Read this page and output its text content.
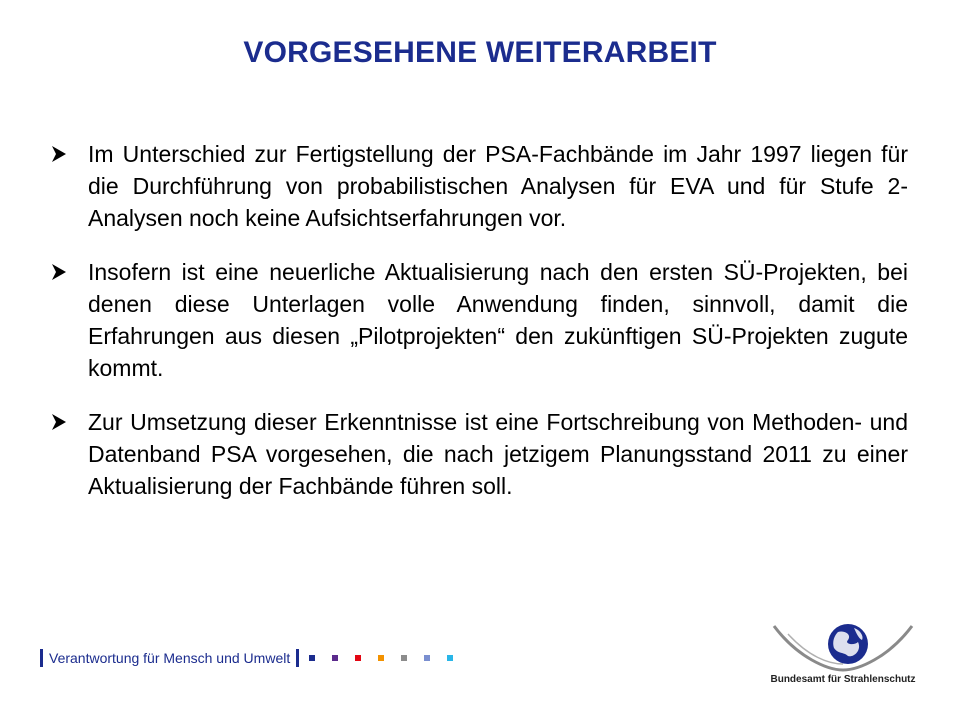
VORGESEHENE WEITERARBEIT
Im Unterschied zur Fertigstellung der PSA-Fachbände im Jahr 1997 liegen für die Durchführung von probabilistischen Analysen für EVA und für Stufe 2-Analysen noch keine Aufsichtserfahrungen vor.
Insofern ist eine neuerliche Aktualisierung nach den ersten SÜ-Projekten, bei denen diese Unterlagen volle Anwendung finden, sinnvoll, damit die Erfahrungen aus diesen „Pilotprojekten“ den zukünftigen SÜ-Projekten zugute kommt.
Zur Umsetzung dieser Erkenntnisse ist eine Fortschreibung von Methoden- und Datenband PSA vorgesehen, die nach jetzigem Planungsstand 2011 zu einer Aktualisierung der Fachbände führen soll.
Verantwortung für Mensch und Umwelt
Bundesamt für Strahlenschutz
